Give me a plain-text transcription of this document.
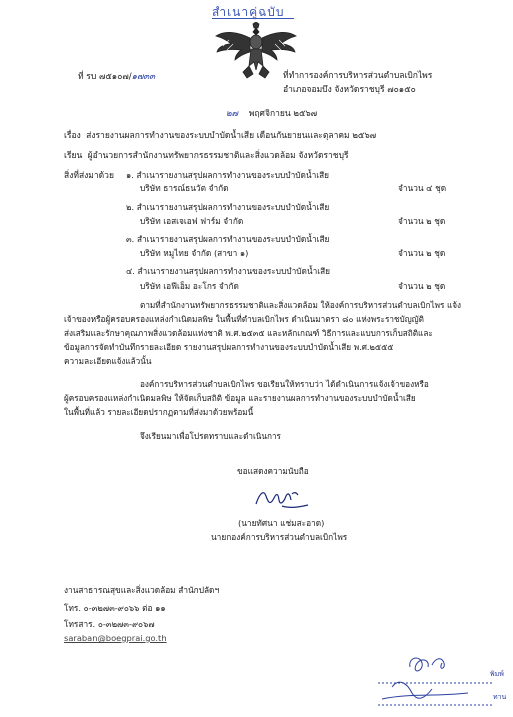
สำเนาคู่ฉบับ
ที่ รบ ๗๕๑๐๗/๑๗๓๓	ที่ทำการองค์การบริหารส่วนตำบลเบิกไพร
อำเภอจอมบึง จังหวัดราชบุรี ๗๐๑๕๐
๒๗ พฤศจิกายน ๒๕๖๗
เรื่อง ส่งรายงานผลการทำงานของระบบบำบัดน้ำเสีย เดือนกันยายนและตุลาคม ๒๕๖๗
เรียน ผู้อำนวยการสำนักงานทรัพยากรธรรมชาติและสิ่งแวดล้อม จังหวัดราชบุรี
สิ่งที่ส่งมาด้วย ๑. สำเนารายงานสรุปผลการทำงานของระบบบำบัดน้ำเสีย
บริษัท ธารณ์ธนวัต จำกัด	จำนวน ๔ ชุด
๒. สำเนารายงานสรุปผลการทำงานของระบบบำบัดน้ำเสีย
บริษัท เอสเจเอฟ ฟาร์ม จำกัด	จำนวน ๒ ชุด
๓. สำเนารายงานสรุปผลการทำงานของระบบบำบัดน้ำเสีย
บริษัท หมูไทย จำกัด (สาขา ๑)	จำนวน ๒ ชุด
๔. สำเนารายงานสรุปผลการทำงานของระบบบำบัดน้ำเสีย
บริษัท เอฟีเอ็ม อะโกร จำกัด	จำนวน ๒ ชุด
ตามที่สำนักงานทรัพยากรธรรมชาติและสิ่งแวดล้อม ให้องค์การบริหารส่วนตำบลเบิกไพร แจ้ง
เจ้าของหรือผู้ครอบครองแหล่งกำเนิดมลพิษ ในพื้นที่ตำบลเบิกไพร ดำเนินมาตรา ๘๐ แห่งพระราชบัญญัติ
ส่งเสริมและรักษาคุณภาพสิ่งแวดล้อมแห่งชาติ พ.ศ.๒๕๓๕ และหลักเกณฑ์ วิธีการและแบบการเก็บสถิติและ
ข้อมูลการจัดทำบันทึกรายละเอียด รายงานสรุปผลการทำงานของระบบบำบัดน้ำเสีย พ.ศ.๒๕๕๕
ความละเอียดแจ้งแล้วนั้น
องค์การบริหารส่วนตำบลเบิกไพร ขอเรียนให้ทราบว่า ได้ดำเนินการแจ้งเจ้าของหรือ
ผู้ครอบครองแหล่งกำเนิดมลพิษ ให้จัดเก็บสถิติ ข้อมูล และรายงานผลการทำงานของระบบบำบัดน้ำเสีย
ในพื้นที่แล้ว รายละเอียดปรากฏตามที่ส่งมาด้วยพร้อมนี้
จึงเรียนมาเพื่อโปรดทราบและดำเนินการ
ขอแสดงความนับถือ
(นายทัศนา แช่มสะอาด)
นายกองค์การบริหารส่วนตำบลเบิกไพร
งานสาธารณสุขและสิ่งแวดล้อม สำนักปลัดฯ
โทร. ๐-๓๒๗๓-๙๐๖๖ ต่อ ๑๑
โทรสาร. ๐-๓๒๗๓-๙๐๖๗
saraban@boegprai.go.th
พิมพ์
ทาน
